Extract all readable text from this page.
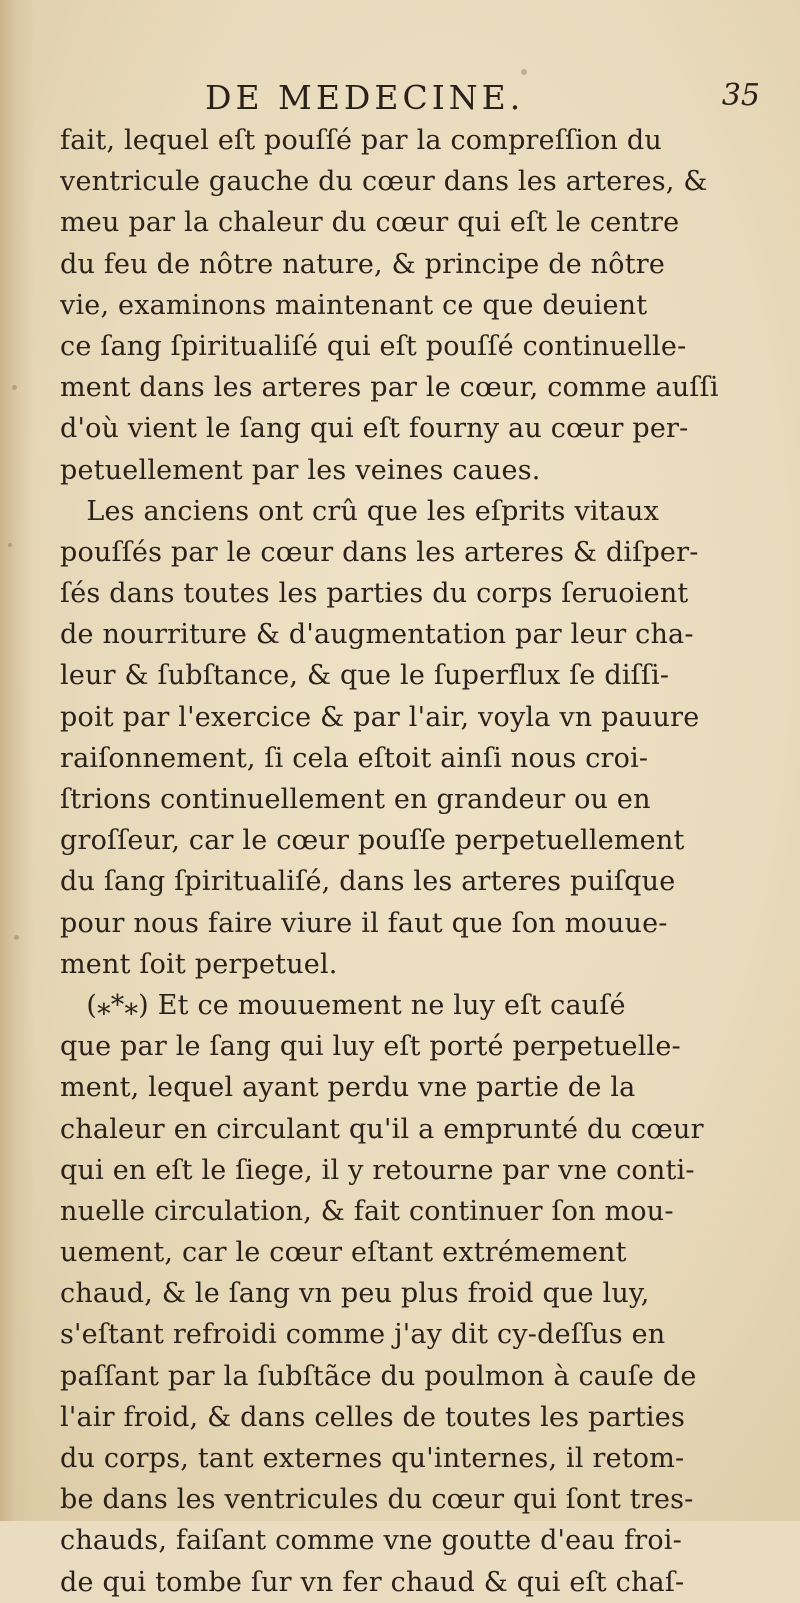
DE MEDECINE.	35
fait, lequel eſt pouſſé par la compreſſion du
ventricule gauche du cœur dans les arteres, &
meu par la chaleur du cœur qui eſt le centre
du feu de nôtre nature, & principe de nôtre
vie, examinons maintenant ce que deuient
ce ſang ſpiritualiſé qui eſt pouſſé continuelle-
ment dans les arteres par le cœur, comme auſſi
d'où vient le ſang qui eſt fourny au cœur per-
petuellement par les veines caues.
Les anciens ont crû que les eſprits vitaux
pouſſés par le cœur dans les arteres & diſper-
ſés dans toutes les parties du corps ſeruoient
de nourriture & d'augmentation par leur cha-
leur & ſubſtance, & que le ſuperflux ſe diſſi-
poit par l'exercice & par l'air, voyla vn pauure
raiſonnement, ſi cela eſtoit ainſi nous croi-
ſtrions continuellement en grandeur ou en
groſſeur, car le cœur pouſſe perpetuellement
du ſang ſpiritualiſé, dans les arteres puiſque
pour nous faire viure il faut que ſon mouue-
ment ſoit perpetuel.
(⁎*⁎) Et ce mouuement ne luy eſt cauſé
que par le ſang qui luy eſt porté perpetuelle-
ment, lequel ayant perdu vne partie de la
chaleur en circulant qu'il a emprunté du cœur
qui en eſt le ſiege, il y retourne par vne conti-
nuelle circulation, & fait continuer ſon mou-
uement, car le cœur eſtant extrémement
chaud, & le ſang vn peu plus froid que luy,
s'eſtant refroidi comme j'ay dit cy-deſſus en
paſſant par la ſubſtãce du poulmon à cauſe de
l'air froid, & dans celles de toutes les parties
du corps, tant externes qu'internes, il retom-
be dans les ventricules du cœur qui ſont tres-
chauds, faiſant comme vne goutte d'eau froi-
de qui tombe ſur vn fer chaud & qui eſt chaſ-
